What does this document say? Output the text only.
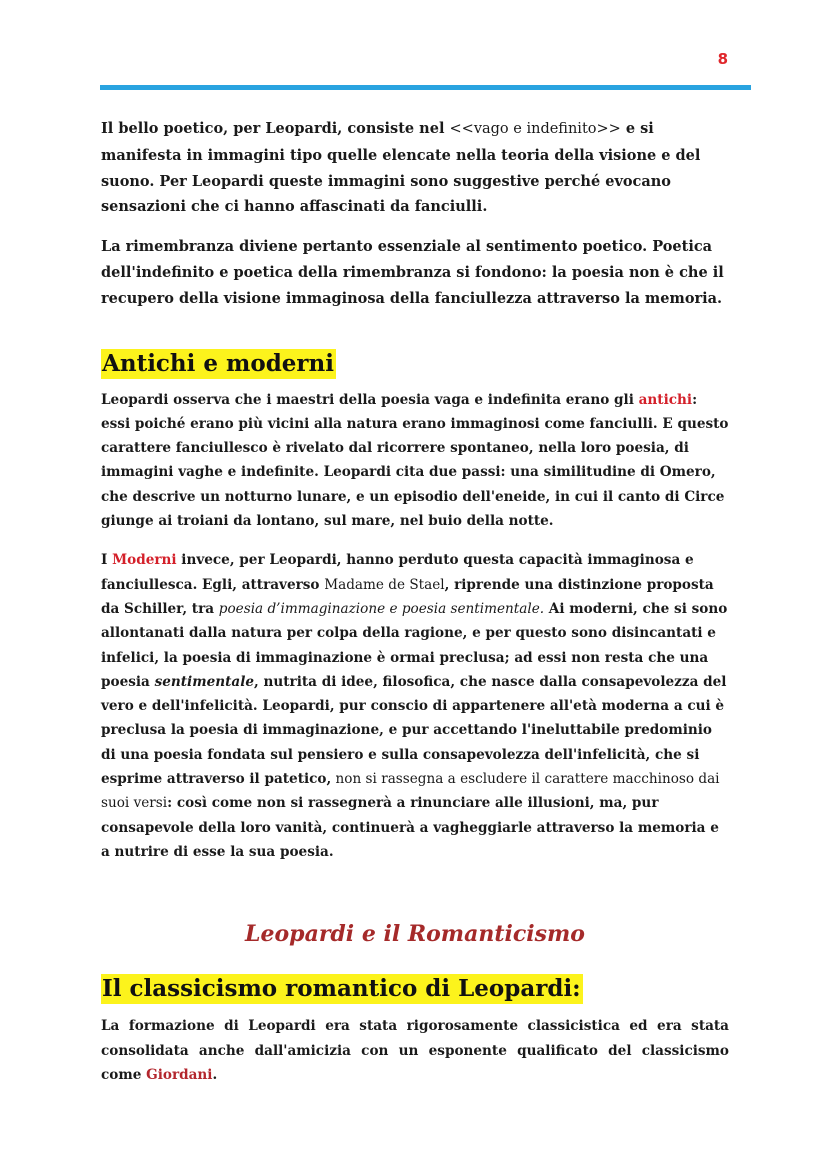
8

Il bello poetico, per Leopardi, consiste nel <<vago e indefinito>> e si manifesta in immagini tipo quelle elencate nella teoria della visione e del suono. Per Leopardi queste immagini sono suggestive perché evocano sensazioni che ci hanno affascinati da fanciulli.

La rimembranza diviene pertanto essenziale al sentimento poetico. Poetica dell'indefinito e poetica della rimembranza si fondono: la poesia non è che il recupero della visione immaginosa della fanciullezza attraverso la memoria.

Antichi e moderni

Leopardi osserva che i maestri della poesia vaga e indefinita erano gli antichi: essi poiché erano più vicini alla natura erano immaginosi come fanciulli. E questo carattere fanciullesco è rivelato dal ricorrere spontaneo, nella loro poesia, di immagini vaghe e indefinite. Leopardi cita due passi: una similitudine di Omero, che descrive un notturno lunare, e un episodio dell'eneide, in cui il canto di Circe giunge ai troiani da lontano, sul mare, nel buio della notte.

I Moderni invece, per Leopardi, hanno perduto questa capacità immaginosa e fanciullesca. Egli, attraverso Madame de Stael, riprende una distinzione proposta da Schiller, tra poesia d’immaginazione e poesia sentimentale. Ai moderni, che si sono allontanati dalla natura per colpa della ragione, e per questo sono disincantati e infelici, la poesia di immaginazione è ormai preclusa; ad essi non resta che una poesia sentimentale, nutrita di idee, filosofica, che nasce dalla consapevolezza del vero e dell'infelicità. Leopardi, pur conscio di appartenere all'età moderna a cui è preclusa la poesia di immaginazione, e pur accettando l'ineluttabile predominio di una poesia fondata sul pensiero e sulla consapevolezza dell'infelicità, che si esprime attraverso il patetico, non si rassegna a escludere il carattere macchinoso dai suoi versi: così come non si rassegnerà a rinunciare alle illusioni, ma, pur consapevole della loro vanità, continuerà a vagheggiarle attraverso la memoria e a nutrire di esse la sua poesia.

Leopardi e il Romanticismo
Il classicismo romantico di Leopardi:

La formazione di Leopardi era stata rigorosamente classicistica ed era stata consolidata anche dall'amicizia con un esponente qualificato del classicismo come Giordani.
